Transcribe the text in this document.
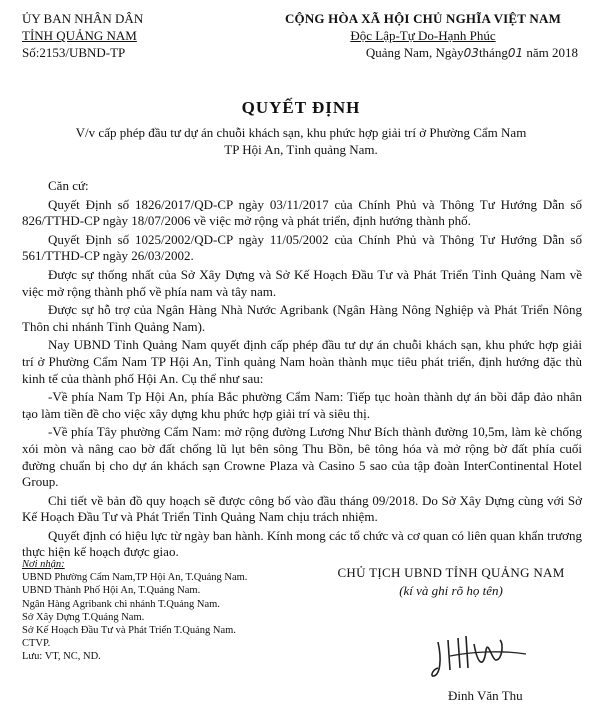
ỦY BAN NHÂN DÂN
TỈNH QUẢNG NAM
Số:2153/UBND-TP
CỘNG HÒA XÃ HỘI CHỦ NGHĨA VIỆT NAM
Độc Lập-Tự Do-Hạnh Phúc
Quảng Nam, Ngày03tháng01 năm 2018
QUYẾT ĐỊNH
V/v cấp phép đầu tư dự án chuỗi khách sạn, khu phức hợp giải trí ở Phường Cẩm Nam
TP Hội An, Tỉnh quảng Nam.

Căn cứ:

Quyết Định số 1826/2017/QD-CP ngày 03/11/2017 của Chính Phủ và Thông Tư Hướng Dẫn số 826/TTHD-CP ngày 18/07/2006 về việc mở rộng và phát triển, định hướng thành phố.

Quyết Định số 1025/2002/QD-CP ngày 11/05/2002 của Chính Phủ và Thông Tư Hướng Dẫn số 561/TTHD-CP ngày 26/03/2002.

Được sự thống nhất của Sở Xây Dựng và Sở Kế Hoạch Đầu Tư và Phát Triển Tỉnh Quảng Nam về việc mở rộng thành phố về phía nam và tây nam.

Được sự hỗ trợ của Ngân Hàng Nhà Nước Agribank (Ngân Hàng Nông Nghiệp và Phát Triển Nông Thôn chi nhánh Tỉnh Quảng Nam).

Nay UBND Tỉnh Quảng Nam quyết định cấp phép đầu tư dự án chuỗi khách sạn, khu phức hợp giải trí ở Phường Cẩm Nam TP Hội An, Tỉnh quảng Nam hoàn thành mục tiêu phát triển, định hướng đặc thù kinh tế của thành phố Hội An. Cụ thể như sau:

-Về phía Nam Tp Hội An, phía Bắc phường Cẩm Nam: Tiếp tục hoàn thành dự án bồi đắp đảo nhân tạo làm tiền đề cho việc xây dựng khu phức hợp giải trí và siêu thị.

-Về phía Tây phường Cẩm Nam: mở rộng đường Lương Như Bích thành đường 10,5m, làm kè chống xói mòn và nâng cao bờ đất chống lũ lụt bên sông Thu Bồn, bê tông hóa và mở rộng bờ đất phía cuối đường chuẩn bị cho dự án khách sạn Crowne Plaza và Casino 5 sao của tập đoàn InterContinental Hotel Group.

Chi tiết về bản đồ quy hoạch sẽ được công bố vào đầu tháng 09/2018. Do Sở Xây Dựng cùng với Sở Kế Hoạch Đầu Tư và Phát Triển Tỉnh Quảng Nam chịu trách nhiệm.

Quyết định có hiệu lực từ ngày ban hành. Kính mong các tổ chức và cơ quan có liên quan khẩn trương thực hiện kế hoạch được giao.

Nơi nhận:
UBND Phường Cẩm Nam,TP Hội An, T.Quảng Nam.
UBND Thành Phố Hội An, T.Quảng Nam.
Ngân Hàng Agribank chi nhánh T.Quảng Nam.
Sở Xây Dựng T.Quảng Nam.
Sở Kế Hoạch Đầu Tư và Phát Triển T.Quảng Nam.
CTVP.
Lưu: VT, NC, ND.
CHỦ TỊCH UBND TỈNH QUẢNG NAM
(kí và ghi rõ họ tên)
Đinh Văn Thu
